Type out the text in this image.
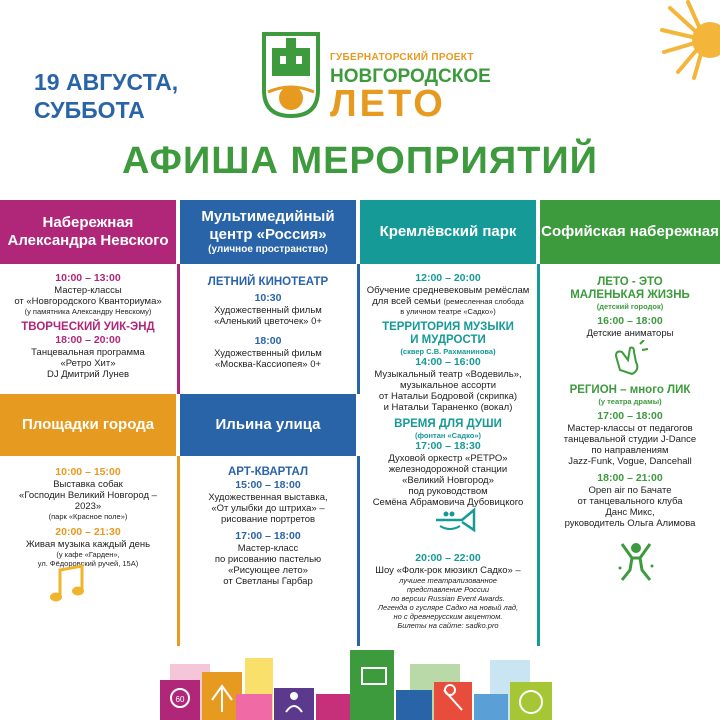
19 АВГУСТА,
СУББОТА
ГУБЕРНАТОРСКИЙ ПРОЕКТ
НОВГОРОДСКОЕ
ЛЕТО
АФИША МЕРОПРИЯТИЙ
Набережная Александра Невского
Мультимедийный центр «Россия»
(уличное пространство)
Кремлёвский парк Софийская набережная
10:00 – 13:00
Мастер-классы
от «Новгородского Кванториума»
(у памятника Александру Невскому)
ТВОРЧЕСКИЙ УИК-ЭНД
18:00 – 20:00
Танцевальная программа
«Ретро Хит»
DJ Дмитрий Лунев
Площадки города
10:00 – 15:00
Выставка собак
«Господин Великий Новгород –
2023»
(парк «Красное поле»)
20:00 – 21:30
Живая музыка каждый день
(у кафе «Гарден»,
ул. Фёдоровский ручей, 15А)
ЛЕТНИЙ КИНОТЕАТР
10:30
Художественный фильм
«Аленький цветочек» 0+
18:00
Художественный фильм
«Москва-Кассиопея» 0+
Ильина улица
АРТ-КВАРТАЛ
15:00 – 18:00
Художественная выставка,
«От улыбки до штриха» –
рисование портретов
17:00 – 18:00
Мастер-класс
по рисованию пастелью
«Рисующее лето»
от Светланы Гарбар
12:00 – 20:00
Обучение средневековым ремёслам
для всей семьи (ремесленная слобода
в уличном театре «Садко»)
ТЕРРИТОРИЯ МУЗЫКИ И МУДРОСТИ
(сквер С.В. Рахманинова)
14:00 – 16:00
Музыкальный театр «Водевиль»,
музыкальное ассорти
от Натальи Бодровой (скрипка)
и Натальи Тараненко (вокал)
ВРЕМЯ ДЛЯ ДУШИ
(фонтан «Садко»)
17:00 – 18:30
Духовой оркестр «РЕТРО»
железнодорожной станции
«Великий Новгород»
под руководством
Семёна Абрамовича Дубовицкого
20:00 – 22:00
Шоу «Фолк-рок мюзикл Садко» –
лучшее театрализованное
представление России
по версии Russian Event Awards.
Легенда о гусляре Садко на новый лад,
но с древнерусским акцентом.
Билеты на сайте: sadko.pro
ЛЕТО - ЭТО
МАЛЕНЬКАЯ ЖИЗНЬ
(детский городок)
16:00 – 18:00
Детские аниматоры
РЕГИОН – много ЛИК
(у театра драмы)
17:00 – 18:00
Мастер-классы от педагогов
танцевальной студии J-Dance
по направлениям
Jazz-Funk, Vogue, Dancehall
18:00 – 21:00
Open air по Бачате
от танцевального клуба
Данс Микс,
руководитель Ольга Алимова
60
